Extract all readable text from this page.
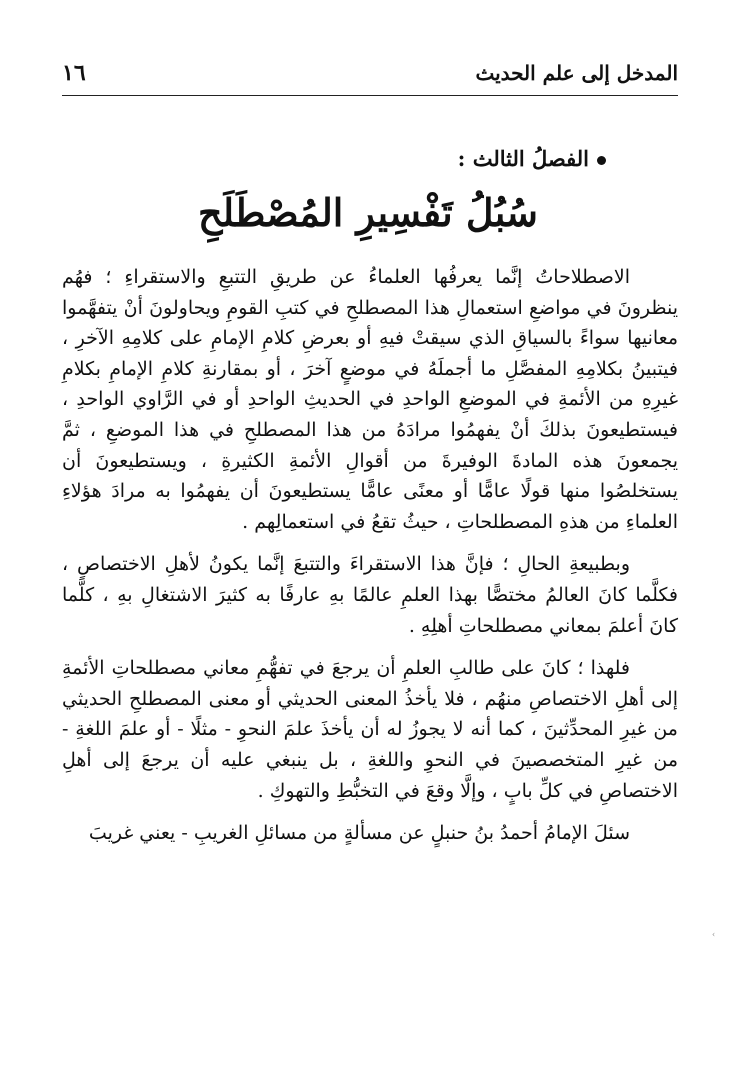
١٦	المدخل إلى علم الحديث
الفصلُ الثالث :
سُبُلُ تَفْسِيرِ المُصْطَلَحِ

الاصطلاحاتُ إنَّما يعرفُها العلماءُ عن طريقِ التتبعِ والاستقراءِ ؛ فهُم ينظرونَ في مواضعِ استعمالِ هذا المصطلحِ في كتبِ القومِ ويحاولونَ أنْ يتفهَّموا معانيها سواءً بالسياقِ الذي سيقتْ فيهِ أو بعرضِ كلامِ الإمامِ على كلامِهِ الآخرِ ، فيتبينُ بكلامِهِ المفصَّلِ ما أجملَهُ في موضعٍ آخرَ ، أو بمقارنةِ كلامِ الإمامِ بكلامِ غيرِهِ من الأئمةِ في الموضعِ الواحدِ في الحديثِ الواحدِ أو في الرَّاوي الواحدِ ، فيستطيعونَ بذلكَ أنْ يفهمُوا مرادَهُ من هذا المصطلحِ في هذا الموضعِ ، ثمَّ يجمعونَ هذه المادةَ الوفيرةَ من أقوالِ الأئمةِ الكثيرةِ ، ويستطيعونَ أن يستخلصُوا منها قولًا عامًّا أو معنًى عامًّا يستطيعونَ أن يفهمُوا به مرادَ هؤلاءِ العلماءِ من هذهِ المصطلحاتِ ، حيثُ تقعُ في استعمالِهم .

وبطبيعةِ الحالِ ؛ فإنَّ هذا الاستقراءَ والتتبعَ إنَّما يكونُ لأهلِ الاختصاصِ ، فكلَّما كانَ العالمُ مختصًّا بهذا العلمِ عالمًا بهِ عارفًا به كثيرَ الاشتغالِ بهِ ، كلَّما كانَ أعلمَ بمعاني مصطلحاتِ أهلِهِ .

فلهذا ؛ كانَ على طالبِ العلمِ أن يرجعَ في تفهُّمِ معاني مصطلحاتِ الأئمةِ إلى أهلِ الاختصاصِ منهُم ، فلا يأخذُ المعنى الحديثي أو معنى المصطلحِ الحديثي من غيرِ المحدِّثينَ ، كما أنه لا يجوزُ له أن يأخذَ علمَ النحوِ - مثلًا - أو علمَ اللغةِ - من غيرِ المتخصصينَ في النحوِ واللغةِ ، بل ينبغي عليه أن يرجعَ إلى أهلِ الاختصاصِ في كلِّ بابٍ ، وإلَّا وقعَ في التخبُّطِ والتهوكِ .

سئلَ الإمامُ أحمدُ بنُ حنبلٍ عن مسألةٍ من مسائلِ الغريبِ - يعني غريبَ

‹
